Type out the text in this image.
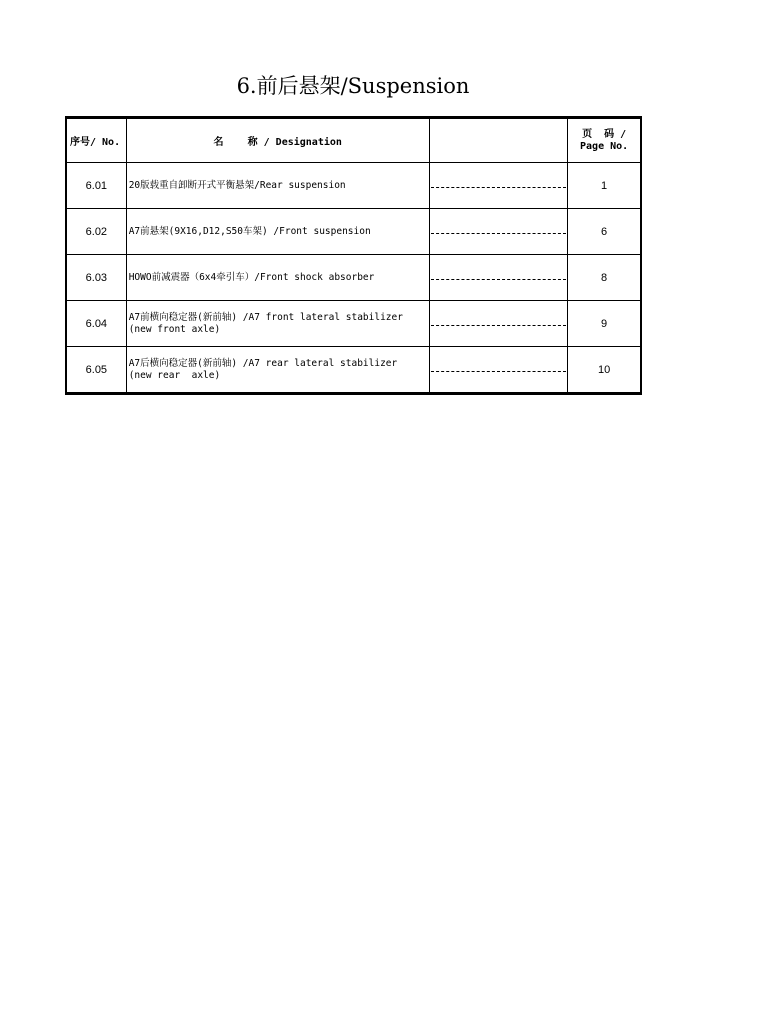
6.前后悬架/Suspension
序号/ No.	名    称 / Designation		页  码 /
Page No.

6.01	20版载重自卸断开式平衡悬架/Rear suspension		1
6.02	A7前悬架(9X16,D12,S50车架) /Front suspension		6
6.03	HOWO前减震器（6x4牵引车）/Front shock absorber		8
6.04	A7前横向稳定器(新前轴) /A7 front lateral stabilizer
(new front axle)		9
6.05	A7后横向稳定器(新前轴) /A7 rear lateral stabilizer
(new rear  axle)		10
